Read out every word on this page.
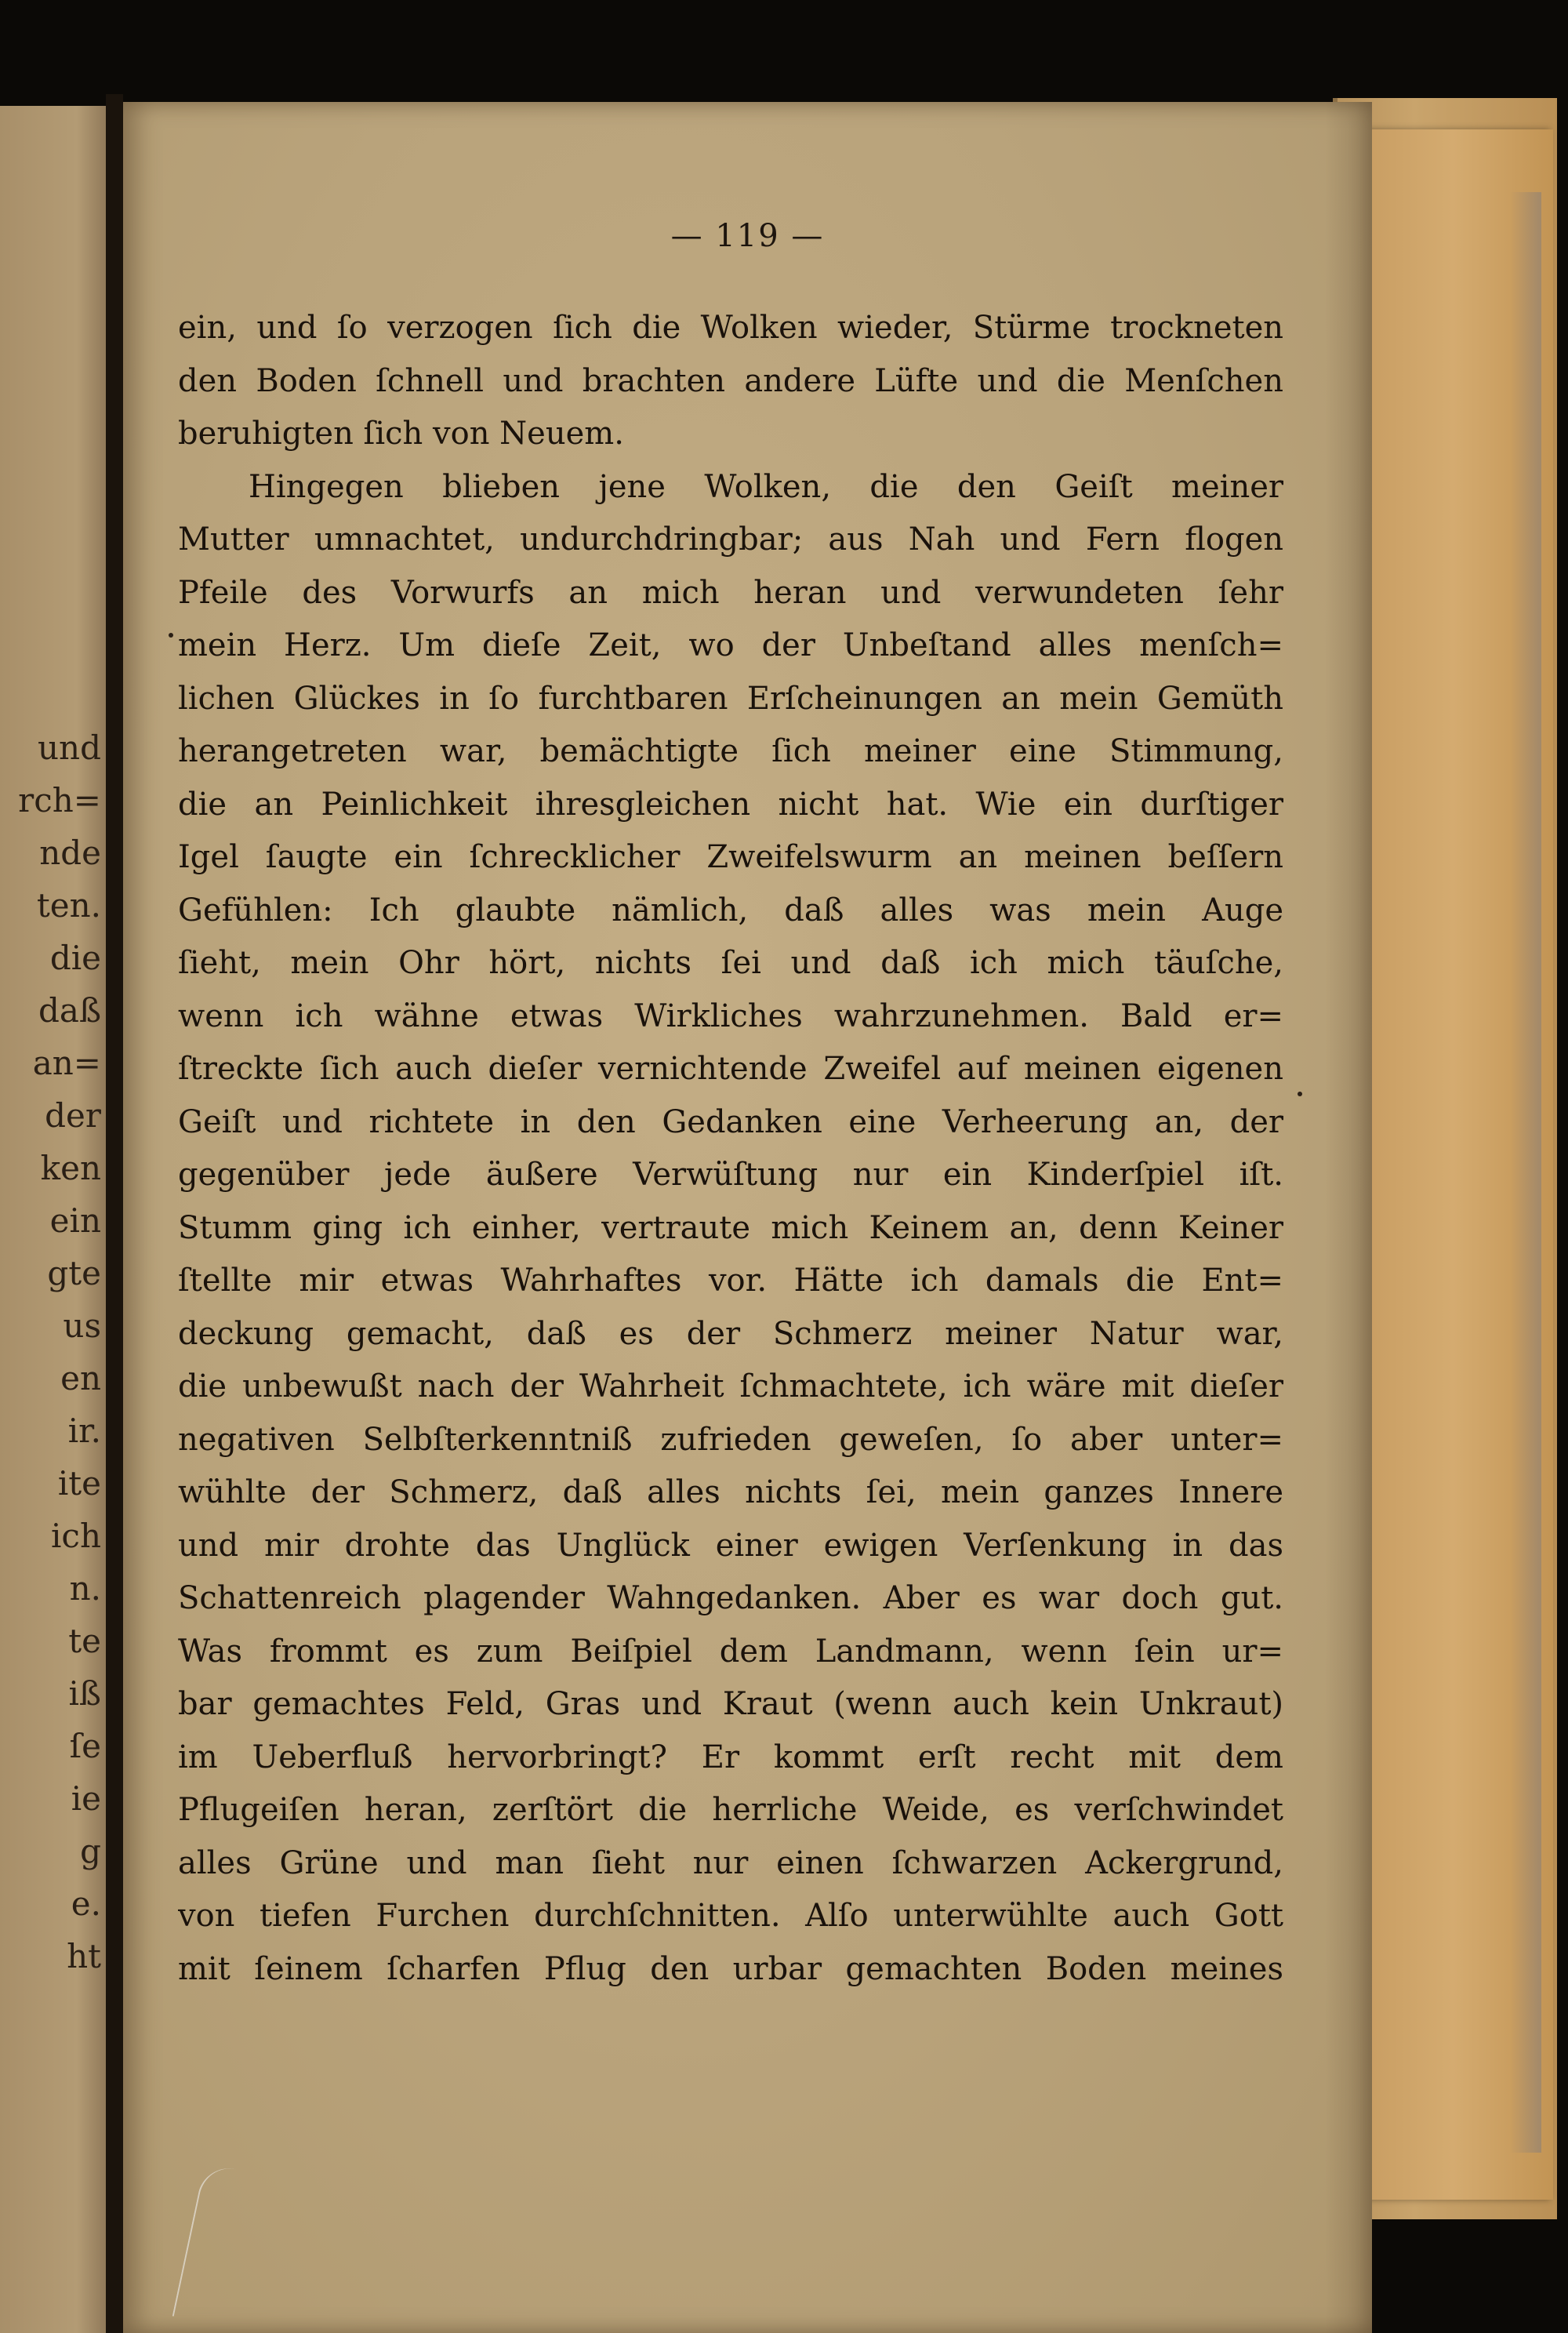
und
rch=
nde
ten.
die
daß
an=
der
ken
ein
gte
us
en
ir.
ite
ich
n.
te
iß
ſe
ie
g
e.
ht
— 119 —
ein, und ſo verzogen ſich die Wolken wieder, Stürme trockneten
den Boden ſchnell und brachten andere Lüfte und die Menſchen
beruhigten ſich von Neuem.
Hingegen blieben jene Wolken, die den Geiſt meiner
Mutter umnachtet, undurchdringbar; aus Nah und Fern flogen
Pfeile des Vorwurfs an mich heran und verwundeten ſehr
mein Herz. Um dieſe Zeit, wo der Unbeſtand alles menſch=
lichen Glückes in ſo furchtbaren Erſcheinungen an mein Gemüth
herangetreten war, bemächtigte ſich meiner eine Stimmung,
die an Peinlichkeit ihresgleichen nicht hat. Wie ein durſtiger
Igel ſaugte ein ſchrecklicher Zweifelswurm an meinen beſſern
Gefühlen: Ich glaubte nämlich, daß alles was mein Auge
ſieht, mein Ohr hört, nichts ſei und daß ich mich täuſche,
wenn ich wähne etwas Wirkliches wahrzunehmen. Bald er=
ſtreckte ſich auch dieſer vernichtende Zweifel auf meinen eigenen
Geiſt und richtete in den Gedanken eine Verheerung an, der
gegenüber jede äußere Verwüſtung nur ein Kinderſpiel iſt.
Stumm ging ich einher, vertraute mich Keinem an, denn Keiner
ſtellte mir etwas Wahrhaftes vor. Hätte ich damals die Ent=
deckung gemacht, daß es der Schmerz meiner Natur war,
die unbewußt nach der Wahrheit ſchmachtete, ich wäre mit dieſer
negativen Selbſterkenntniß zufrieden geweſen, ſo aber unter=
wühlte der Schmerz, daß alles nichts ſei, mein ganzes Innere
und mir drohte das Unglück einer ewigen Verſenkung in das
Schattenreich plagender Wahngedanken. Aber es war doch gut.
Was frommt es zum Beiſpiel dem Landmann, wenn ſein ur=
bar gemachtes Feld, Gras und Kraut (wenn auch kein Unkraut)
im Ueberfluß hervorbringt? Er kommt erſt recht mit dem
Pflugeiſen heran, zerſtört die herrliche Weide, es verſchwindet
alles Grüne und man ſieht nur einen ſchwarzen Ackergrund,
von tiefen Furchen durchſchnitten. Alſo unterwühlte auch Gott
mit ſeinem ſcharfen Pflug den urbar gemachten Boden meines
